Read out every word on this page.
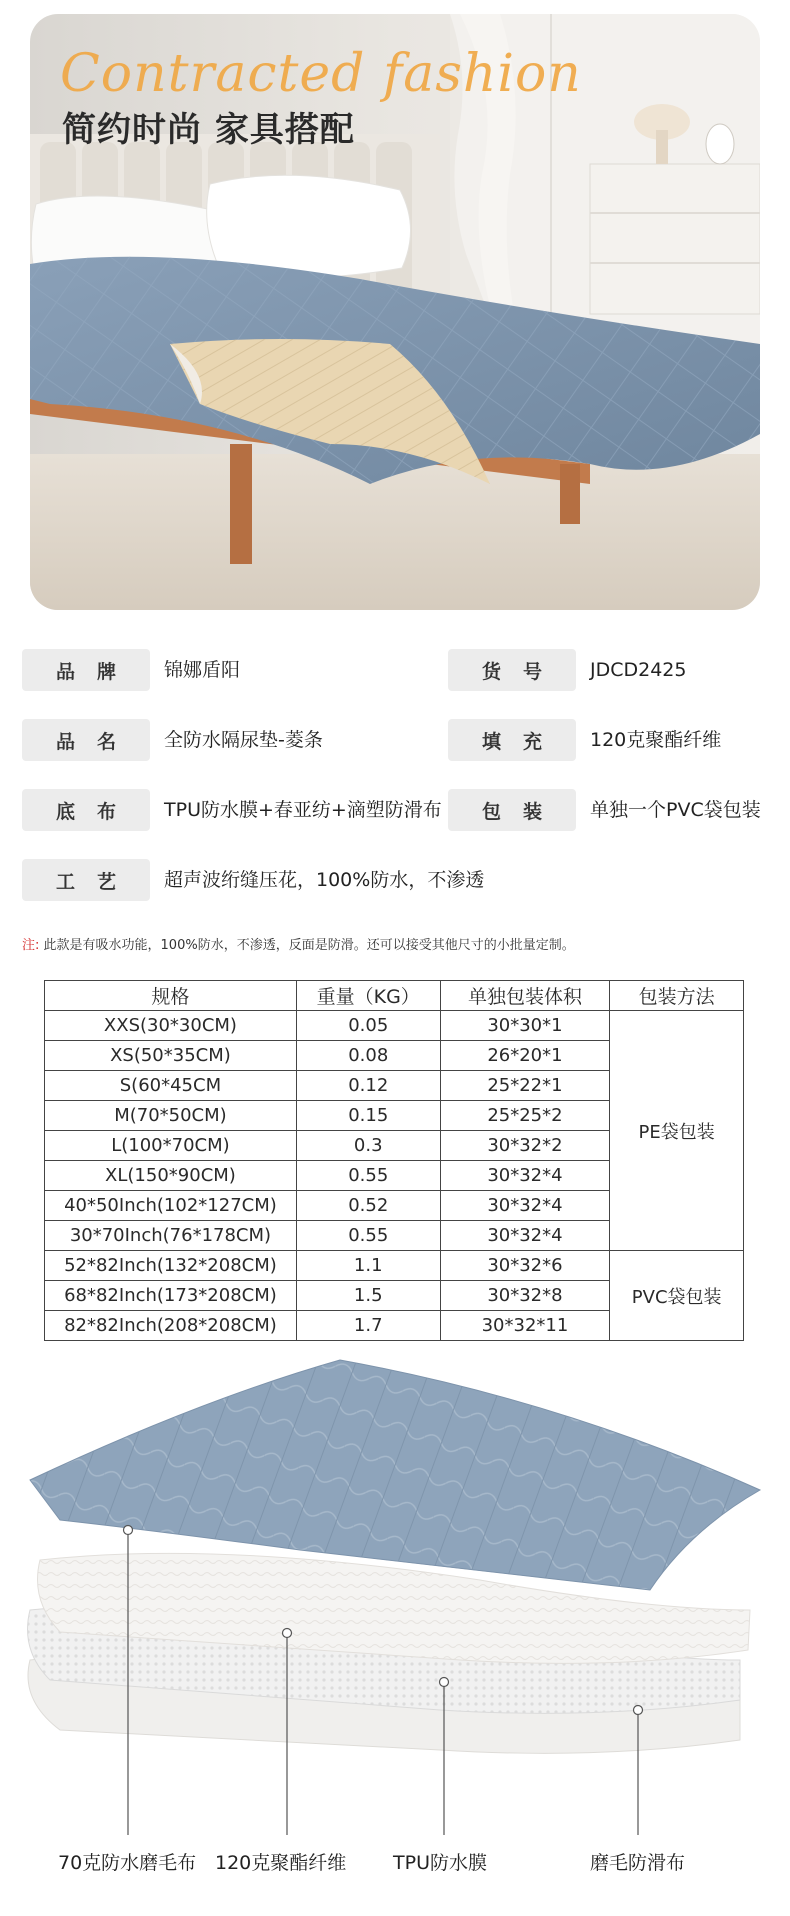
Contracted fashion
简约时尚 家具搭配
品牌	锦娜盾阳	货号	JDCD2425
品名	全防水隔尿垫-菱条	填充	120克聚酯纤维
底布	TPU防水膜+春亚纺+滴塑防滑布	包装	单独一个PVC袋包装
工艺	超声波绗缝压花，100%防水，不渗透
注: 此款是有吸水功能，100%防水，不渗透，反面是防滑。还可以接受其他尺寸的小批量定制。
规格	重量（KG）	单独包装体积	包装方法
XXS(30*30CM)	0.05	30*30*1	PE袋包装
XS(50*35CM)	0.08	26*20*1	
S(60*45CM	0.12	25*22*1	
M(70*50CM)	0.15	25*25*2	
L(100*70CM)	0.3	30*32*2	
XL(150*90CM)	0.55	30*32*4	
40*50Inch(102*127CM)	0.52	30*32*4	
30*70Inch(76*178CM)	0.55	30*32*4	
52*82Inch(132*208CM)	1.1	30*32*6	PVC袋包装
68*82Inch(173*208CM)	1.5	30*32*8	
82*82Inch(208*208CM)	1.7	30*32*11	
70克防水磨毛布 120克聚酯纤维 TPU防水膜	磨毛防滑布
